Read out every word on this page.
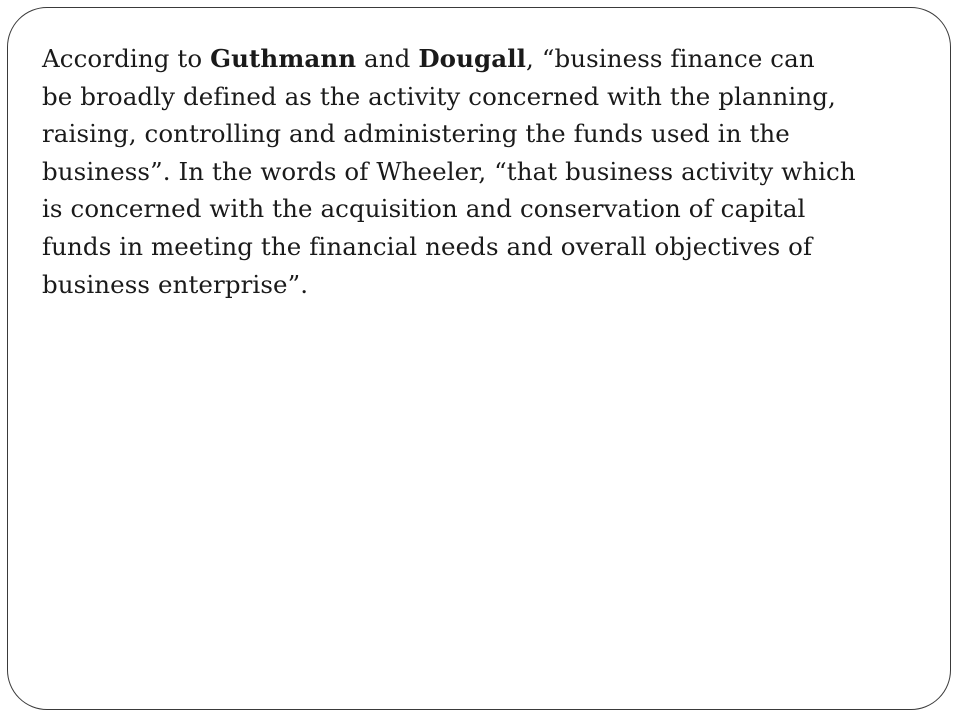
According to Guthmann and Dougall, “business finance can
be broadly defined as the activity concerned with the planning,
raising, controlling and administering the funds used in the
business”. In the words of Wheeler, “that business activity which
is concerned with the acquisition and conservation of capital
funds in meeting the financial needs and overall objectives of
business enterprise”.
